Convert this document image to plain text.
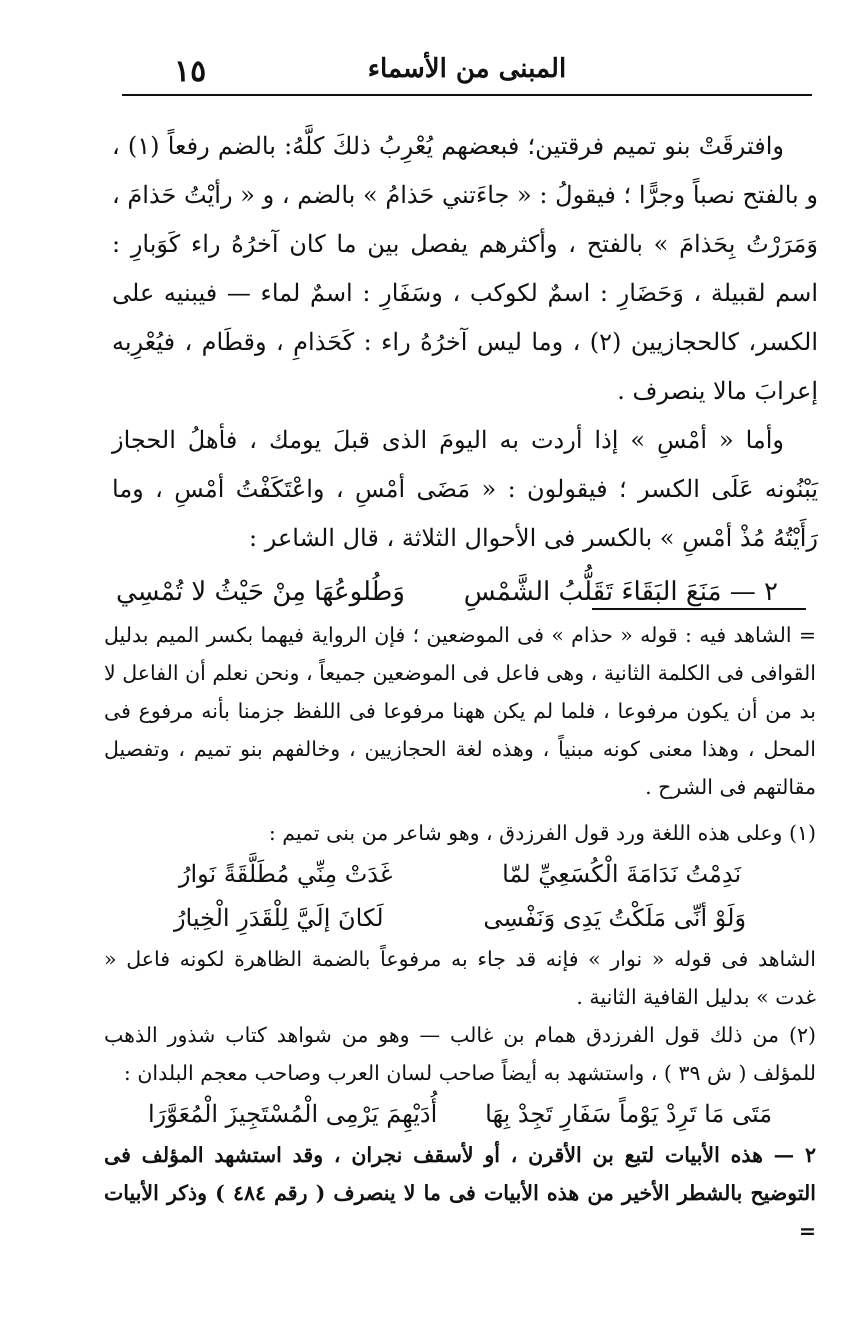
١٥	المبنى من الأسماء

وافترقَتْ بنو تميم فرقتين؛ فبعضهم يُعْرِبُ ذلكَ كلَّهُ: بالضم رفعاً (١) ، و بالفتح نصباً وجرًّا ؛ فيقولُ : « جاءَتني حَذامُ » بالضم ، و « رأيْتُ حَذامَ ، وَمَرَرْتُ بِحَذامَ » بالفتح ، وأكثرهم يفصل بين ما كان آخرُهُ راء كَوَبارِ : اسم لقبيلة ، وَحَضَارِ : اسمٌ لكوكب ، وسَفَارِ : اسمٌ لماء — فيبنيه على الكسر، كالحجازيين (٢) ، وما ليس آخرُهُ راء : كَحَذامِ ، وقطَام ، فيُعْرِبه إعرابَ مالا ينصرف .

وأما « أمْسِ » إذا أردت به اليومَ الذى قبلَ يومك ، فأهلُ الحجاز يَبْنُونه عَلَى الكسر ؛ فيقولون : « مَضَى أمْسِ ، واعْتَكَفْتُ أمْسِ ، وما رَأَيْتُهُ مُذْ أمْسِ » بالكسر فى الأحوال الثلاثة ، قال الشاعر :

٢ — مَنَعَ البَقَاءَ تَقَلُّبُ الشَّمْسِ
وَطُلوعُهَا مِنْ حَيْثُ لا تُمْسِي

= الشاهد فيه : قوله « حذام » فى الموضعين ؛ فإن الرواية فيهما بكسر الميم بدليل القوافى فى الكلمة الثانية ، وهى فاعل فى الموضعين جميعاً ، ونحن نعلم أن الفاعل لا بد من أن يكون مرفوعا ، فلما لم يكن ههنا مرفوعا فى اللفظ جزمنا بأنه مرفوع فى المحل ، وهذا معنى كونه مبنياً ، وهذه لغة الحجازيين ، وخالفهم بنو تميم ، وتفصيل مقالتهم فى الشرح .

(١) وعلى هذه اللغة ورد قول الفرزدق ، وهو شاعر من بنى تميم :

نَدِمْتُ نَدَامَةَ الْكُسَعِيِّ لمّا
غَدَتْ مِنِّي مُطَلَّقَةً نَوارُ
وَلَوْ أنِّى مَلَكْتُ يَدِى وَنَفْسِى
لَكانَ إلَيَّ لِلْقَدَرِ الْخِيارُ

الشاهد فى قوله « نوار » فإنه قد جاء به مرفوعاً بالضمة الظاهرة لكونه فاعل « غدت » بدليل القافية الثانية .

(٢) من ذلك قول الفرزدق همام بن غالب — وهو من شواهد كتاب شذور الذهب للمؤلف ( ش ٣٩ ) ، واستشهد به أيضاً صاحب لسان العرب وصاحب معجم البلدان :

مَتَى مَا تَرِدْ يَوْماً سَفَارِ تَجِدْ بِهَا
أُدَيْهِمَ يَرْمِى الْمُسْتَجِيزَ الْمُعَوَّرَا

٢ — هذه الأبيات لتبع بن الأقرن ، أو لأسقف نجران ، وقد استشهد المؤلف فى التوضيح بالشطر الأخير من هذه الأبيات فى ما لا ينصرف ( رقم ٤٨٤ ) وذكر الأبيات =
